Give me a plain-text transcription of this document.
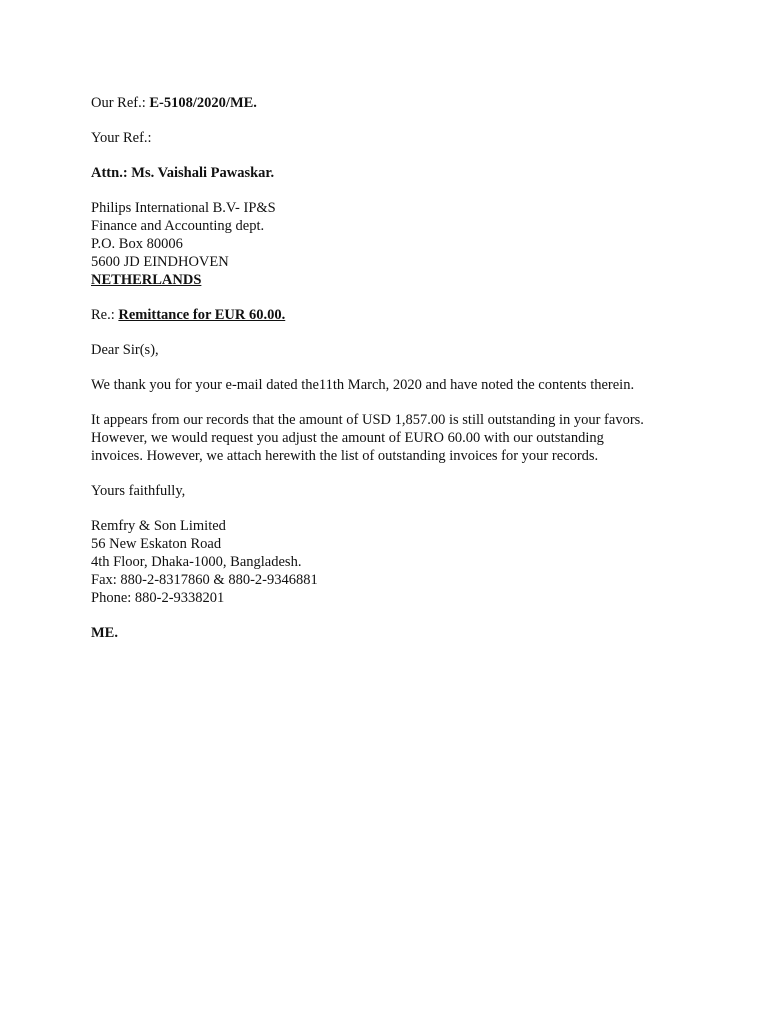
Our Ref.: E-5108/2020/ME.

Your Ref.:

Attn.: Ms. Vaishali Pawaskar.

Philips International B.V- IP&S
Finance and Accounting dept.
P.O. Box 80006
5600 JD EINDHOVEN
NETHERLANDS

Re.: Remittance for EUR 60.00.

Dear Sir(s),

We thank you for your e-mail dated the11th March, 2020 and have noted the contents therein.

It appears from our records that the amount of USD 1,857.00 is still outstanding in your favors.
However, we would request you adjust the amount of EURO 60.00 with our outstanding
invoices. However, we attach herewith the list of outstanding invoices for your records.

Yours faithfully,

Remfry & Son Limited
56 New Eskaton Road
4th Floor, Dhaka-1000, Bangladesh.
Fax: 880-2-8317860 & 880-2-9346881
Phone: 880-2-9338201

ME.
